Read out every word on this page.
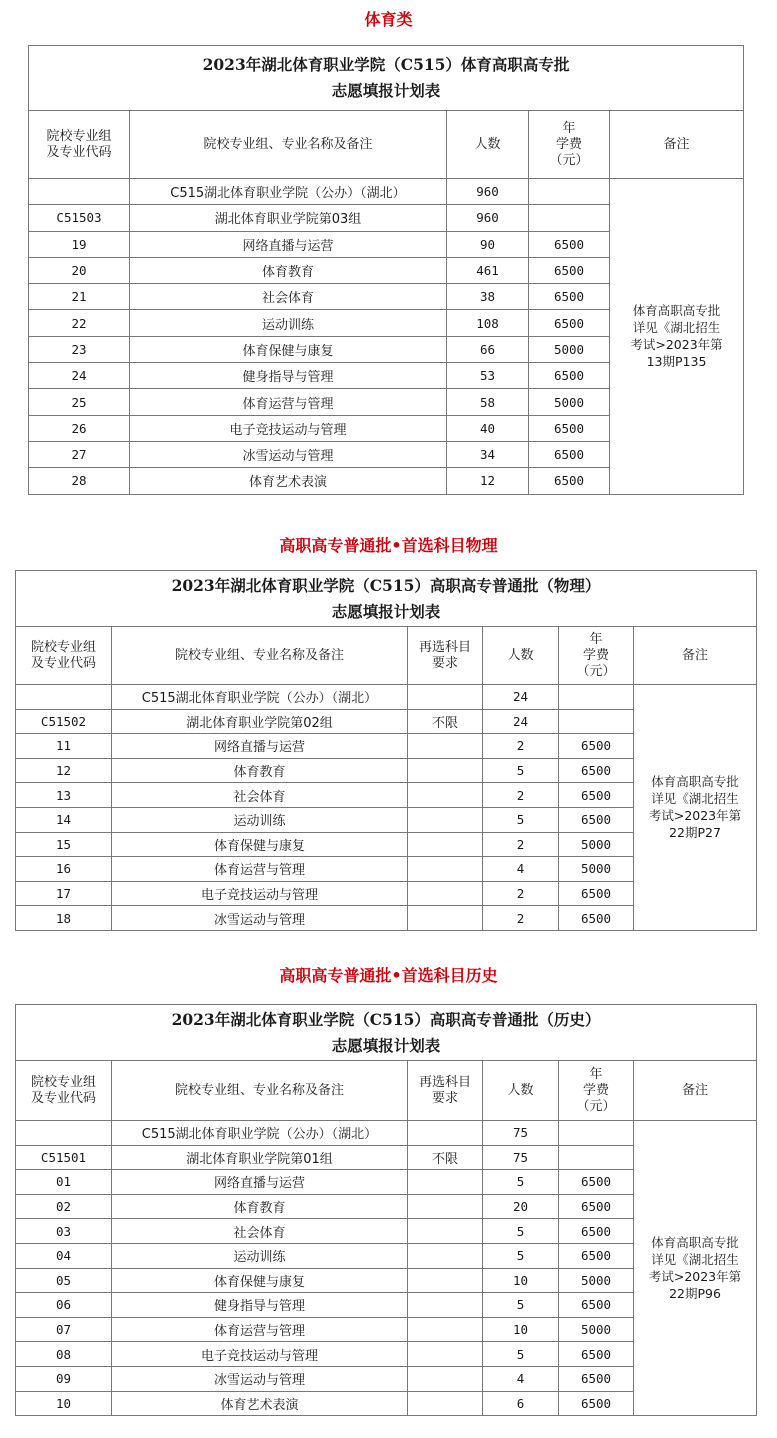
体育类
2023年湖北体育职业学院（C515）体育高职高专批
志愿填报计划表				

院校专业组
及专业代码	院校专业组、专业名称及备注	人数	年
学费
（元）	备注
	C515湖北体育职业学院（公办）（湖北）	960		体育高职高专批
详见《湖北招生
考试>2023年第
13期P135

C51503	湖北体育职业学院第03组	960		
19	网络直播与运营	90	6500	
20	体育教育	461	6500	
21	社会体育	38	6500	
22	运动训练	108	6500	
23	体育保健与康复	66	5000	
24	健身指导与管理	53	6500	
25	体育运营与管理	58	5000	
26	电子竞技运动与管理	40	6500	
27	冰雪运动与管理	34	6500	
28	体育艺术表演	12	6500	
高职高专普通批•首选科目物理
2023年湖北体育职业学院（C515）高职高专普通批（物理）
志愿填报计划表					

院校专业组
及专业代码	院校专业组、专业名称及备注	再选科目
要求	人数	年
学费
（元）	备注
	C515湖北体育职业学院（公办）（湖北）		24		体育高职高专批
详见《湖北招生
考试>2023年第
22期P27

C51502	湖北体育职业学院第02组	不限	24		
11	网络直播与运营		2	6500	
12	体育教育		5	6500	
13	社会体育		2	6500	
14	运动训练		5	6500	
15	体育保健与康复		2	5000	
16	体育运营与管理		4	5000	
17	电子竞技运动与管理		2	6500	
18	冰雪运动与管理		2	6500	
高职高专普通批•首选科目历史
2023年湖北体育职业学院（C515）高职高专普通批（历史）
志愿填报计划表					

院校专业组
及专业代码	院校专业组、专业名称及备注	再选科目
要求	人数	年
学费
（元）	备注
	C515湖北体育职业学院（公办）（湖北）		75		体育高职高专批
详见《湖北招生
考试>2023年第
22期P96

C51501	湖北体育职业学院第01组	不限	75		
01	网络直播与运营		5	6500	
02	体育教育		20	6500	
03	社会体育		5	6500	
04	运动训练		5	6500	
05	体育保健与康复		10	5000	
06	健身指导与管理		5	6500	
07	体育运营与管理		10	5000	
08	电子竞技运动与管理		5	6500	
09	冰雪运动与管理		4	6500	
10	体育艺术表演		6	6500	
